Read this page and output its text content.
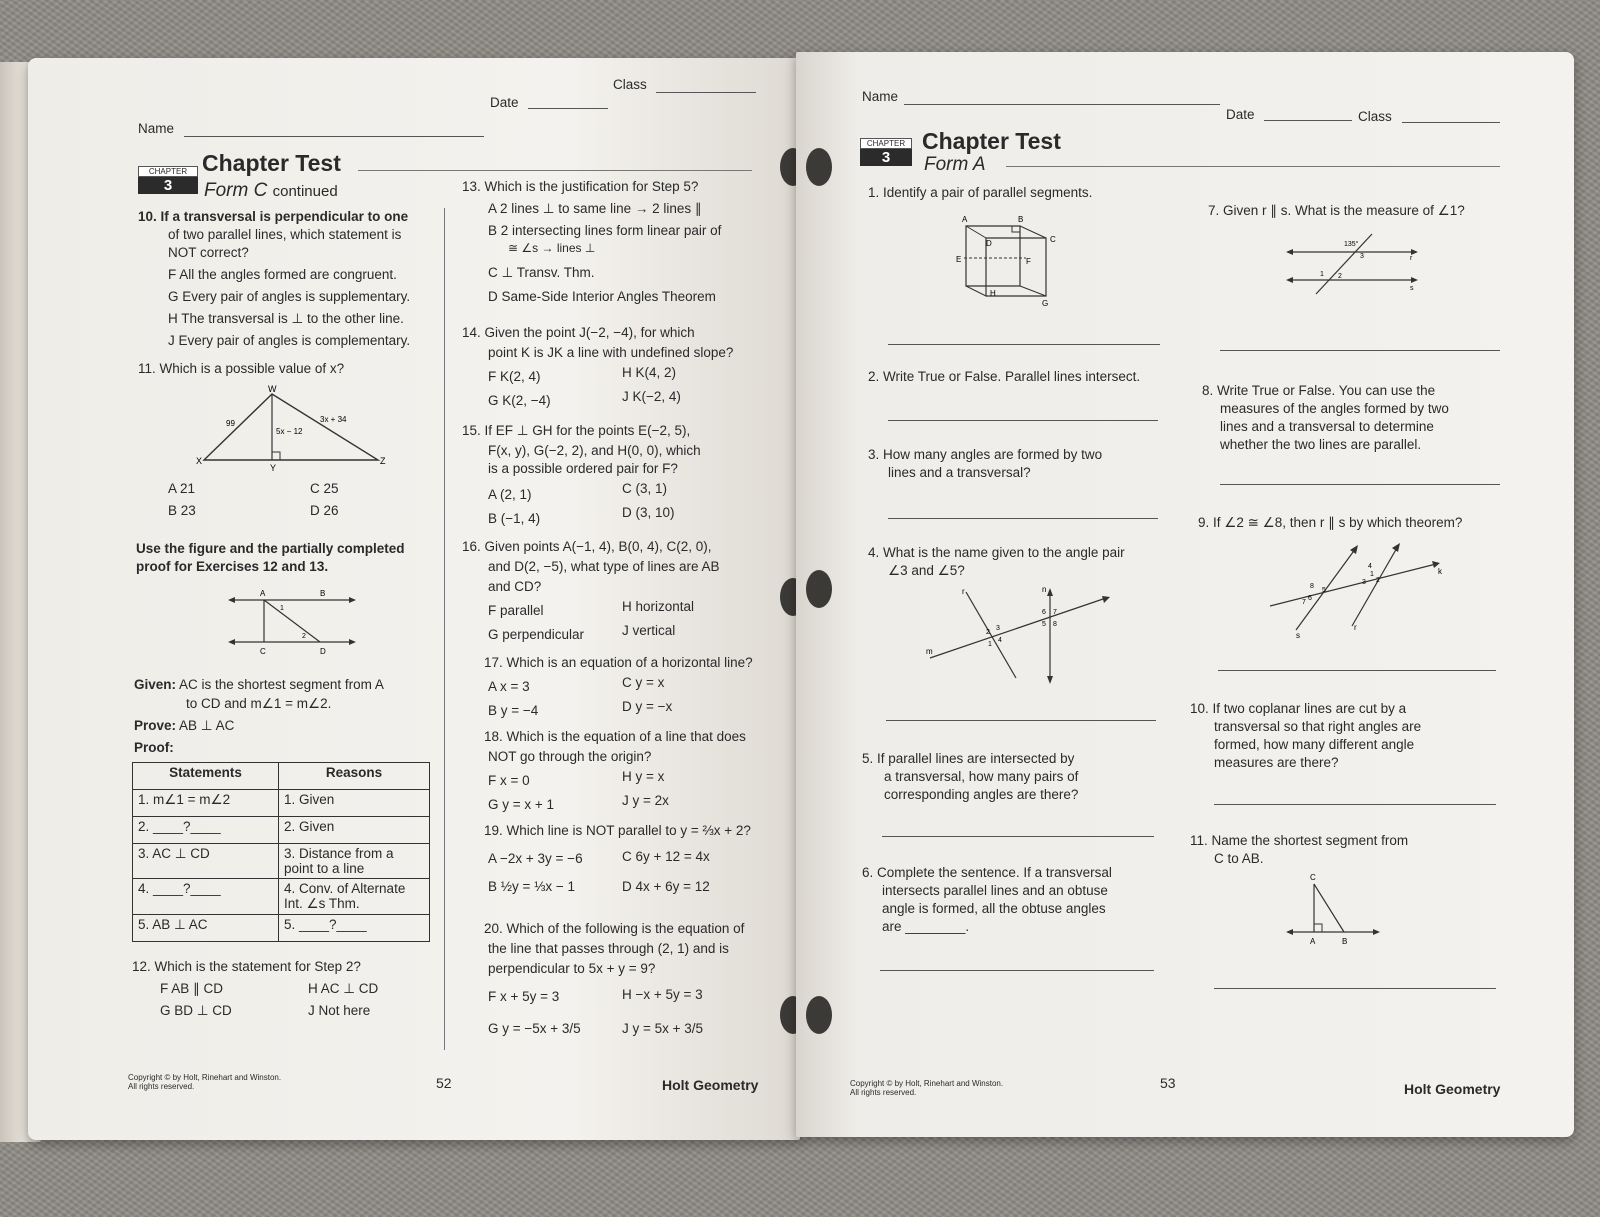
Name
Date
Class
CHAPTER
3
Chapter Test
Form C continued
10. If a transversal is perpendicular to one
of two parallel lines, which statement is
NOT correct?
F All the angles formed are congruent.
G Every pair of angles is supplementary.
H The transversal is ⊥ to the other line.
J Every pair of angles is complementary.
11. Which is a possible value of x?
W
X
Y
Z
99	3x + 34
5x − 12
A 21	C 25
B 23	D 26
Use the figure and the partially completed
proof for Exercises 12 and 13.
A	B
C	D
1
2
Given: AC is the shortest segment from A
to CD and m∠1 = m∠2.
Prove: AB ⊥ AC
Proof:
Statements	Reasons
1. m∠1 = m∠2	1. Given
2. ____?____	2. Given
3. AC ⊥ CD	3. Distance from a
point to a line
4. ____?____	4. Conv. of Alternate
Int. ∠s Thm.
5. AB ⊥ AC	5. ____?____
12. Which is the statement for Step 2?
F AB ∥ CD	H AC ⊥ CD
G BD ⊥ CD	J Not here
13. Which is the justification for Step 5?
A 2 lines ⊥ to same line → 2 lines ∥
B 2 intersecting lines form linear pair of
≅ ∠s → lines ⊥
C ⊥ Transv. Thm.
D Same-Side Interior Angles Theorem
14. Given the point J(−2, −4), for which
point K is JK a line with undefined slope?
F K(2, 4)	H K(4, 2)
G K(2, −4)	J K(−2, 4)
15. If EF ⊥ GH for the points E(−2, 5),
F(x, y), G(−2, 2), and H(0, 0), which
is a possible ordered pair for F?
A (2, 1)	C (3, 1)
B (−1, 4)	D (3, 10)
16. Given points A(−1, 4), B(0, 4), C(2, 0),
and D(2, −5), what type of lines are AB
and CD?
F parallel	H horizontal
G perpendicular	J vertical
17. Which is an equation of a horizontal line?
A x = 3	C y = x
B y = −4	D y = −x
18. Which is the equation of a line that does
NOT go through the origin?
F x = 0	H y = x
G y = x + 1	J y = 2x
19. Which line is NOT parallel to y = ⅔x + 2?
A −2x + 3y = −6	C 6y + 12 = 4x
B ½y = ⅓x − 1	D 4x + 6y = 12
20. Which of the following is the equation of
the line that passes through (2, 1) and is
perpendicular to 5x + y = 9?
F x + 5y = 3	H −x + 5y = 3
G y = −5x + 3/5	J y = 5x + 3/5
Copyright © by Holt, Rinehart and Winston.
All rights reserved.	52	Holt Geometry
Name
Date	Class
CHAPTER
3
Chapter Test
Form A
1. Identify a pair of parallel segments.
A	B
C
D
E	F
G
H
2. Write True or False. Parallel lines intersect.
3. How many angles are formed by two
lines and a transversal?
4. What is the name given to the angle pair
∠3 and ∠5?
r
m
n
1
2
3
4
5
6 7
8
5. If parallel lines are intersected by
a transversal, how many pairs of
corresponding angles are there?
6. Complete the sentence. If a transversal
intersects parallel lines and an obtuse
angle is formed, all the obtuse angles
are ________.
7. Given r ∥ s. What is the measure of ∠1?
135°
1 2
3	r
s
8. Write True or False. You can use the
measures of the angles formed by two
lines and a transversal to determine
whether the two lines are parallel.
9. If ∠2 ≅ ∠8, then r ∥ s by which theorem?
k
r
s
1
2
3
4
5
6
7
8
10. If two coplanar lines are cut by a
transversal so that right angles are
formed, how many different angle
measures are there?
11. Name the shortest segment from
C to AB.
C
A	B
Copyright © by Holt, Rinehart and Winston.
All rights reserved.
53	Holt Geometry
